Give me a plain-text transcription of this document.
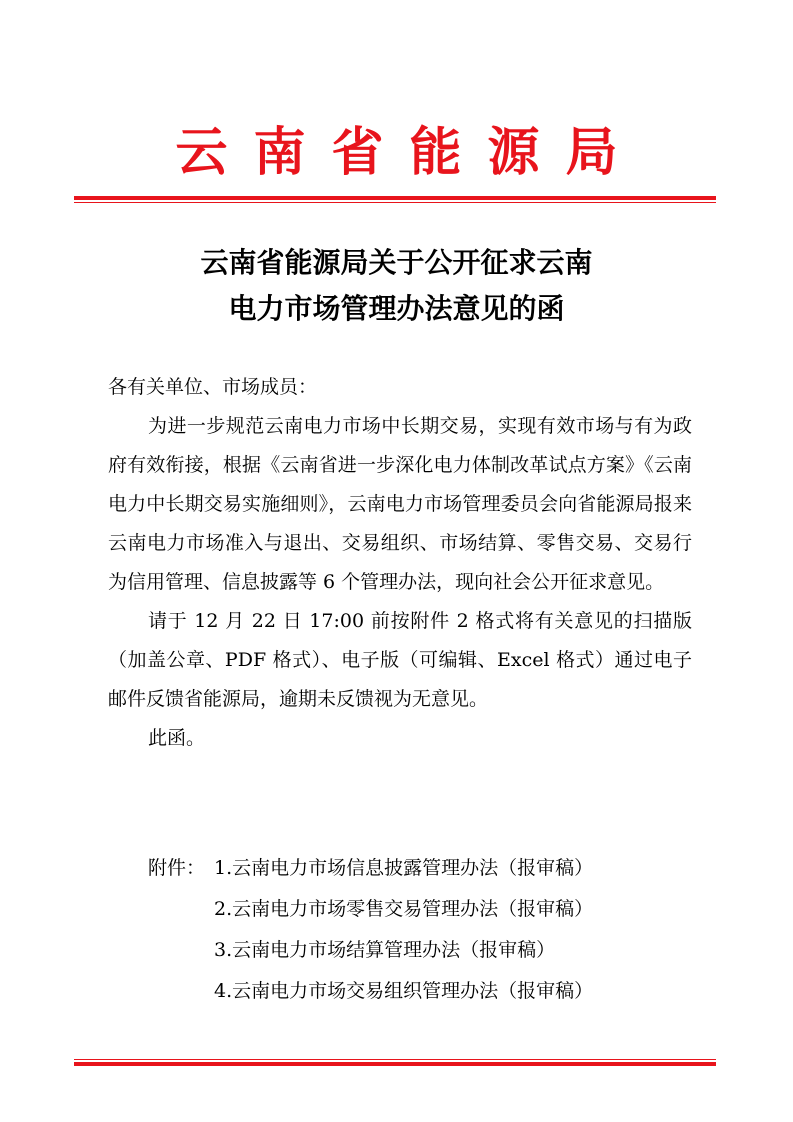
云南省能源局
云南省能源局关于公开征求云南
电力市场管理办法意见的函

各有关单位、市场成员：

为进一步规范云南电力市场中长期交易，实现有效市场与有为政府有效衔接，根据《云南省进一步深化电力体制改革试点方案》《云南电力中长期交易实施细则》，云南电力市场管理委员会向省能源局报来云南电力市场准入与退出、交易组织、市场结算、零售交易、交易行为信用管理、信息披露等 6 个管理办法，现向社会公开征求意见。

请于 12 月 22 日 17:00 前按附件 2 格式将有关意见的扫描版（加盖公章、PDF 格式）、电子版（可编辑、Excel 格式）通过电子邮件反馈省能源局，逾期未反馈视为无意见。

此函。

附件： 1.云南电力市场信息披露管理办法（报审稿）
2.云南电力市场零售交易管理办法（报审稿）
3.云南电力市场结算管理办法（报审稿）
4.云南电力市场交易组织管理办法（报审稿）
